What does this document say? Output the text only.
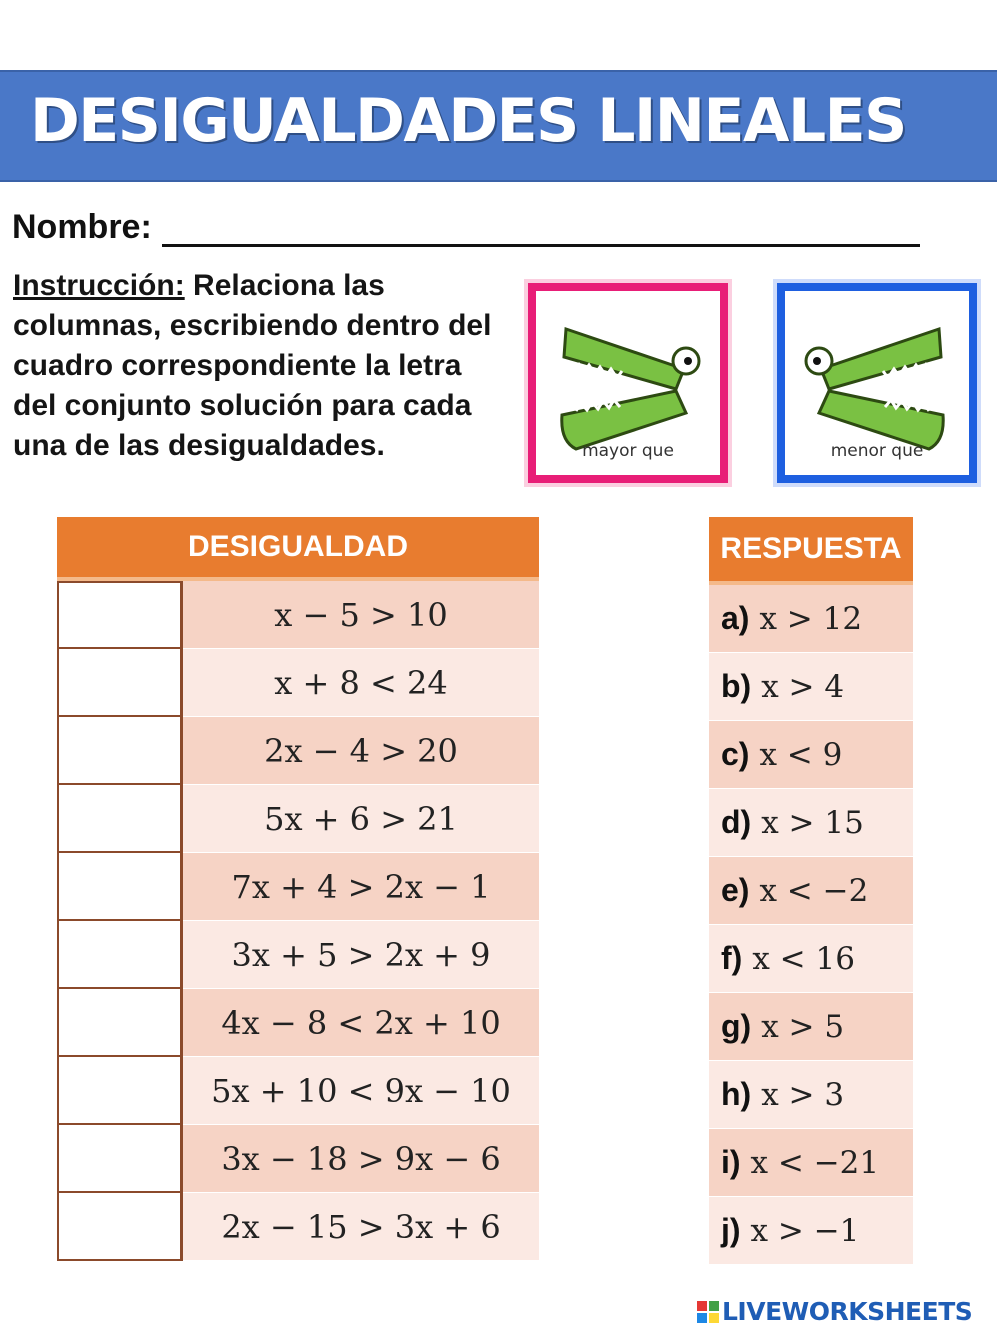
DESIGUALDADES LINEALES
Nombre:

Instrucción: Relaciona las columnas, escribiendo dentro del cuadro correspondiente la letra del conjunto solución para cada una de las desigualdades.	mayor que	menor que
DESIGUALDAD
x − 5 > 10
x + 8 < 24
2x − 4 > 20
5x + 6 > 21
7x + 4 > 2x − 1
3x + 5 > 2x + 9
4x − 8 < 2x + 10
5x + 10 < 9x − 10
3x − 18 > 9x − 6
2x − 15 > 3x + 6
RESPUESTA
a) x > 12
b) x > 4
c) x < 9
d) x > 15
e) x < −2
f) x < 16
g) x > 5
h) x > 3
i) x < −21
j) x > −1
LIVEWORKSHEETS
